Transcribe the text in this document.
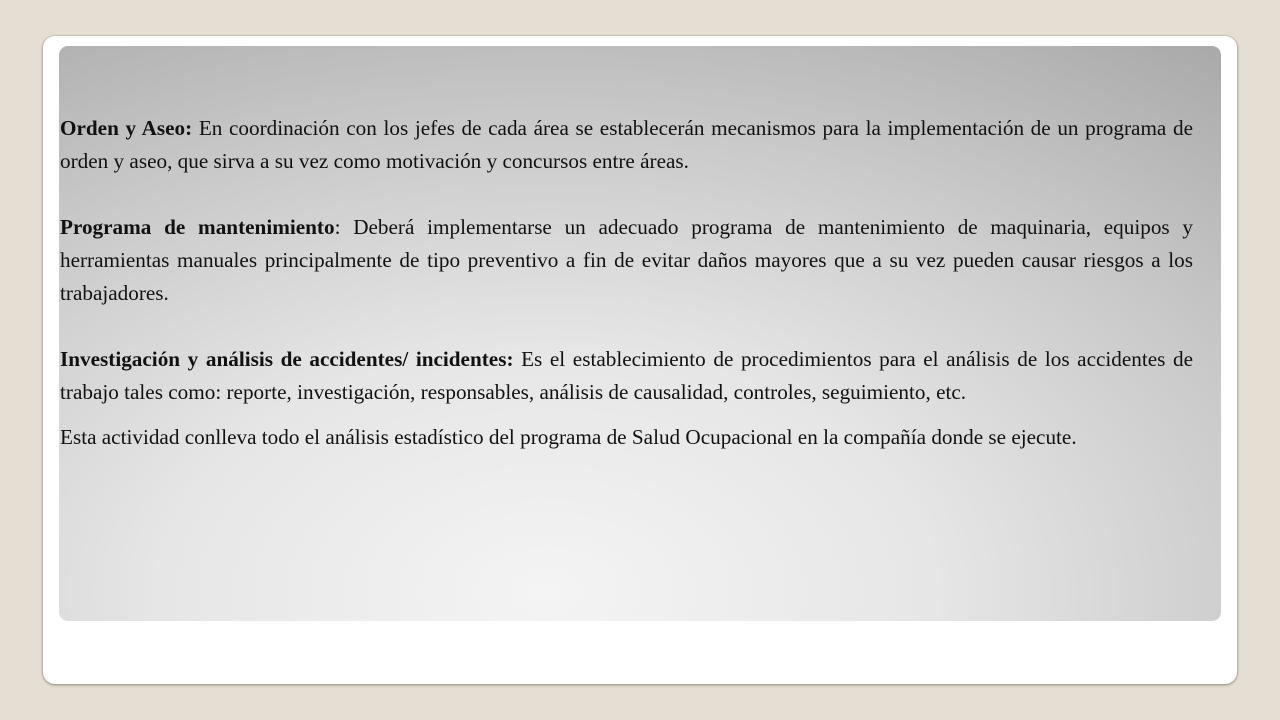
Orden y Aseo: En coordinación con los jefes de cada área se establecerán mecanismos para la implementación de un programa de orden y aseo, que sirva a su vez como motivación y concursos entre áreas.

Programa de mantenimiento: Deberá implementarse un adecuado programa de mantenimiento de maquinaria, equipos y herramientas manuales principalmente de tipo preventivo a fin de evitar daños mayores que a su vez pueden causar riesgos a los trabajadores.

Investigación y análisis de accidentes/ incidentes: Es el establecimiento de procedimientos para el análisis de los accidentes de trabajo tales como: reporte, investigación, responsables, análisis de causalidad, controles, seguimiento, etc.

Esta actividad conlleva todo el análisis estadístico del programa de Salud Ocupacional en la compañía donde se ejecute.
